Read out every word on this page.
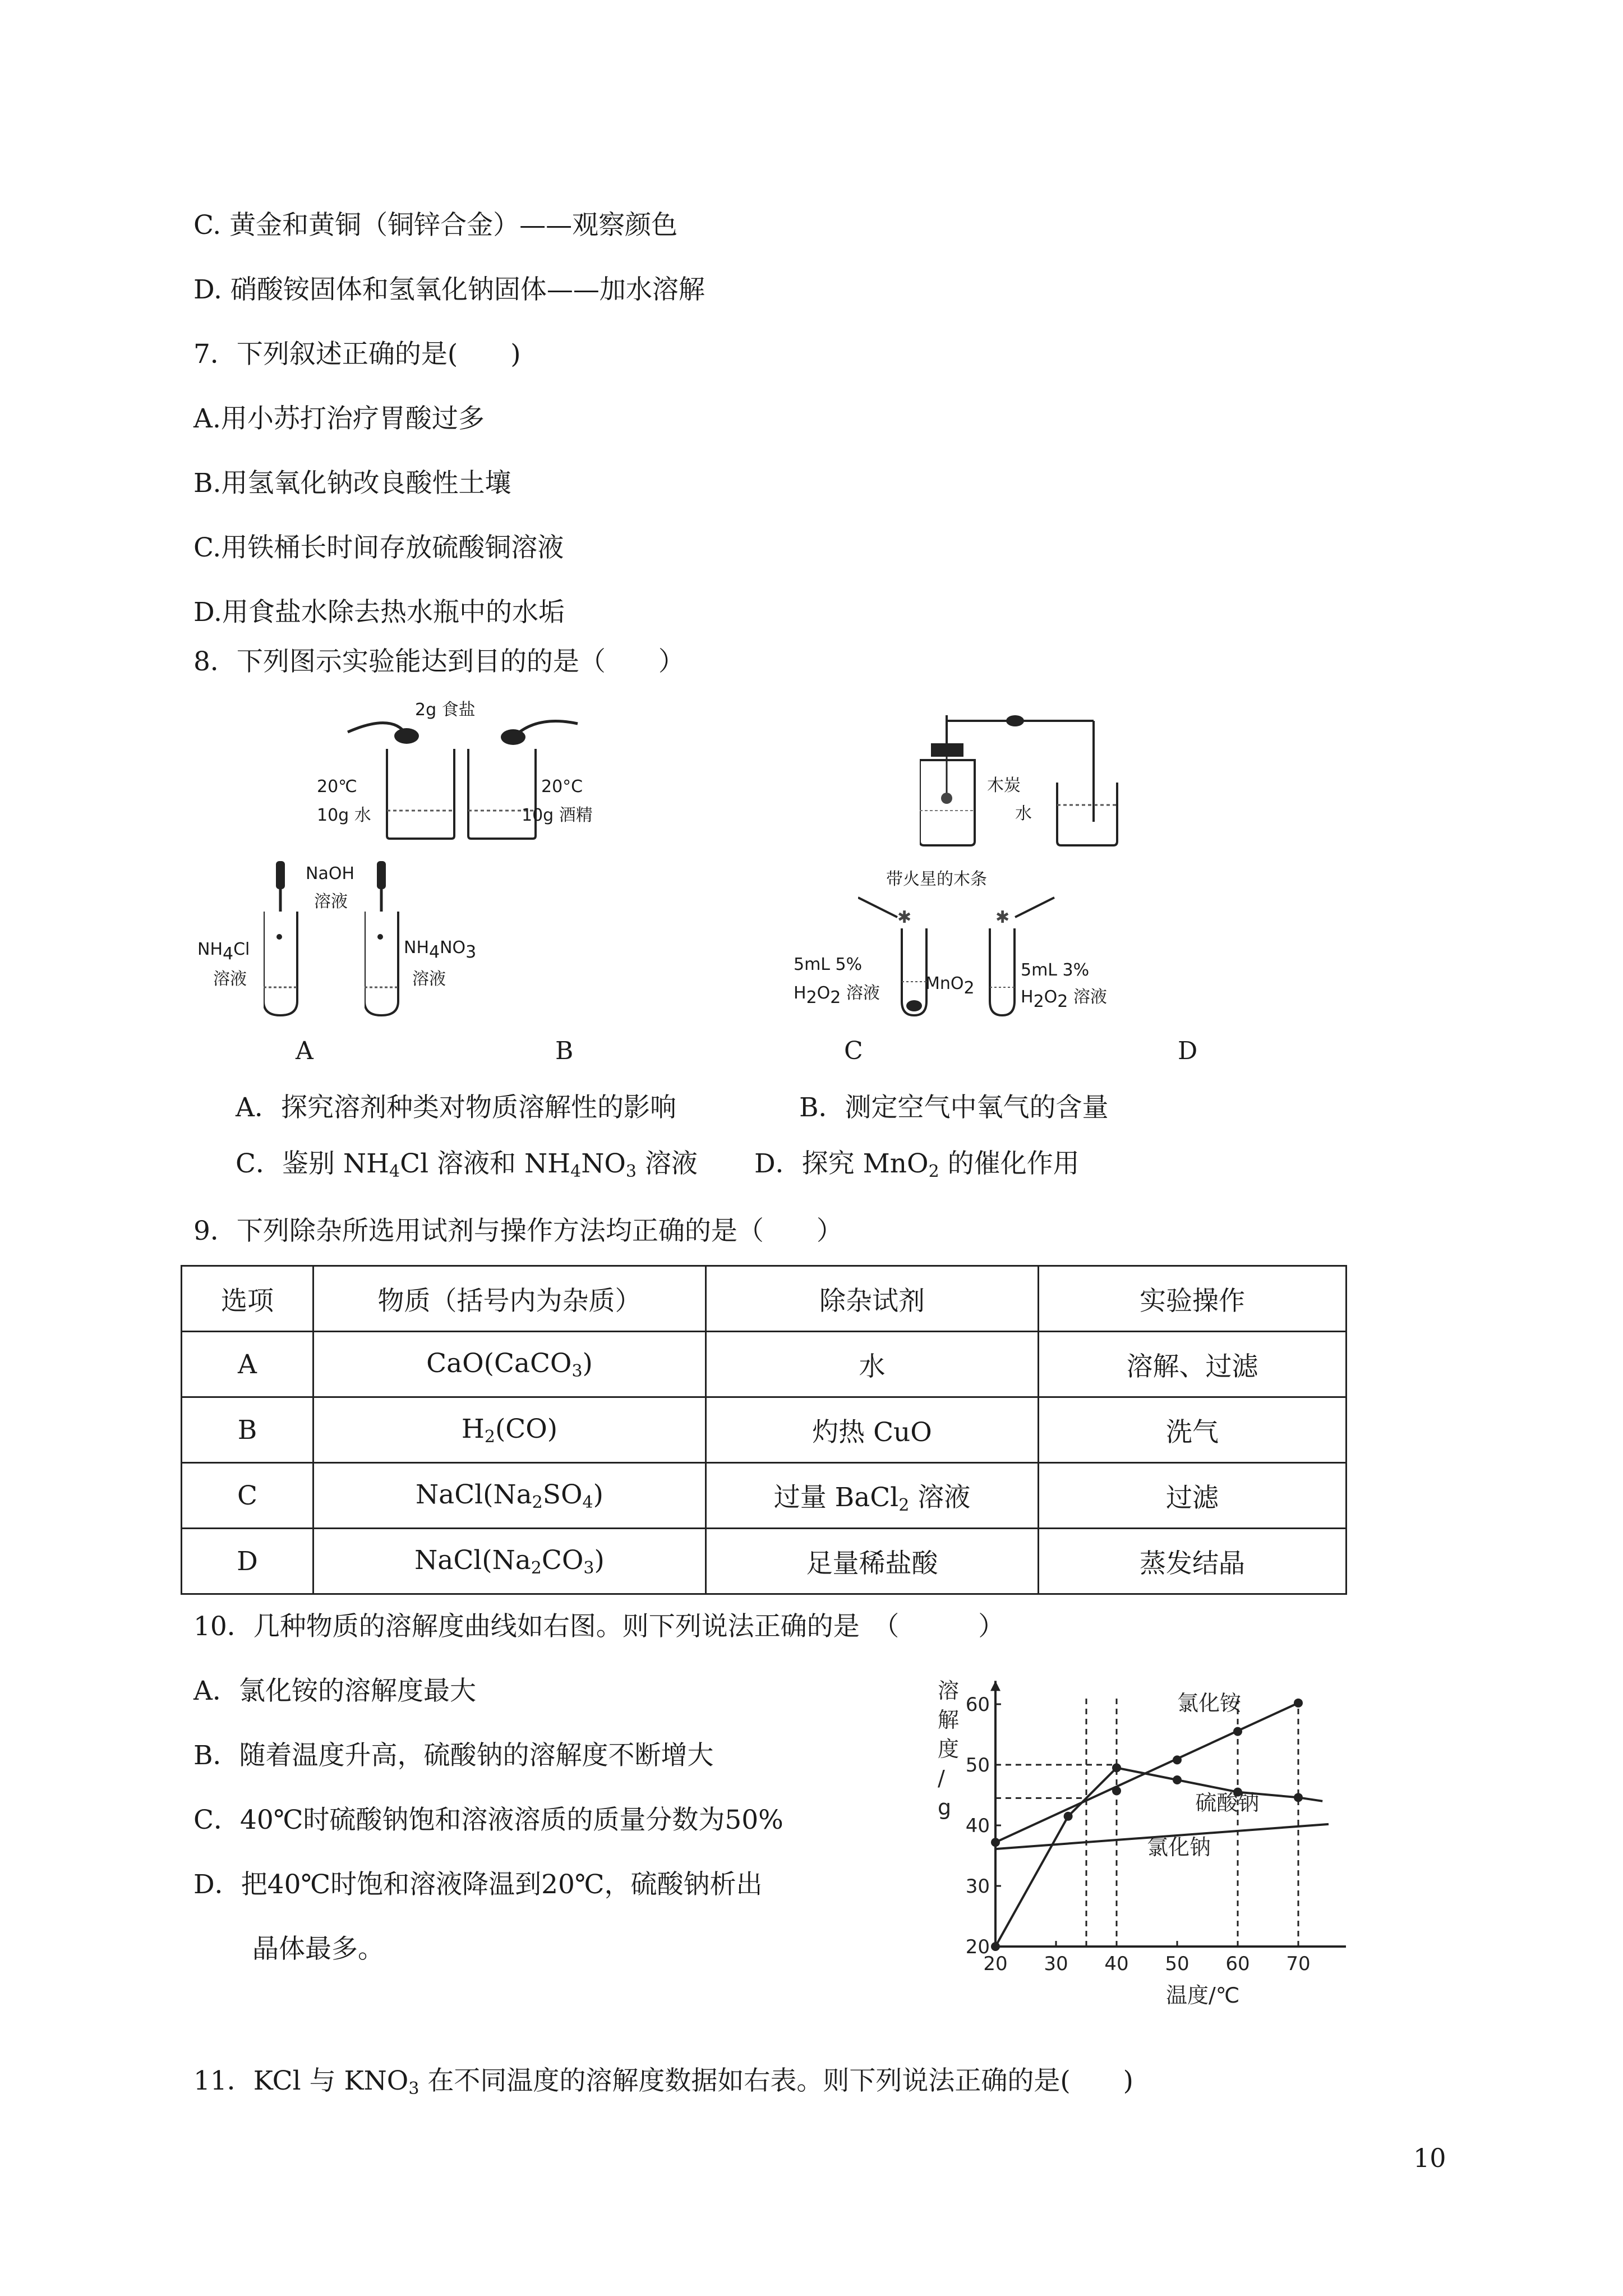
C. 黄金和黄铜（铜锌合金）——观察颜色
D. 硝酸铵固体和氢氧化钠固体——加水溶解
7．下列叙述正确的是(　　)
A.用小苏打治疗胃酸过多
B.用氢氧化钠改良酸性土壤
C.用铁桶长时间存放硫酸铜溶液
D.用食盐水除去热水瓶中的水垢
8．下列图示实验能达到目的的是（　　）
2g 食盐
20℃
10g 水
20°C
10g 酒精
NaOH
溶液
$NH_4Cl$
溶液
$NH_4NO_3$
溶液
木炭
水
✱	✱
带火星的木条
5mL 5%
$H_2O_2$ 溶液	MnO$_2$
5mL 3%
$H_2O_2$ 溶液
A	B	C	D
A．探究溶剂种类对物质溶解性的影响	B．测定空气中氧气的含量
C．鉴别 $NH_4Cl$ 溶液和 $NH_4NO_3$ 溶液 D．探究 MnO$_2$ 的催化作用
9．下列除杂所选用试剂与操作方法均正确的是（　　）
选项	物质（括号内为杂质）	除杂试剂	实验操作
A	CaO(CaCO$_3$)	水	溶解、过滤
B	$H_2(CO)$	灼热 CuO	洗气
C	$NaCl(Na_2SO_4)$	过量 BaCl$_2$ 溶液	过滤
D	$NaCl(Na_2CO_3)$	足量稀盐酸	蒸发结晶
10．几种物质的溶解度曲线如右图。则下列说法正确的是　（　　　）
A．氯化铵的溶解度最大
B．随着温度升高，硫酸钠的溶解度不断增大
C．40℃时硫酸钠饱和溶液溶质的质量分数为50%
D．把40℃时饱和溶液降温到20℃，硫酸钠析出
晶体最多。	20 30 40 50 60 70
20
30
40
50
60	氯化铵
硫酸钠
氯化钠
溶
解
度
/
g
温度/℃
11．KCl 与 $KNO_3$ 在不同温度的溶解度数据如右表。则下列说法正确的是(　　)
10
